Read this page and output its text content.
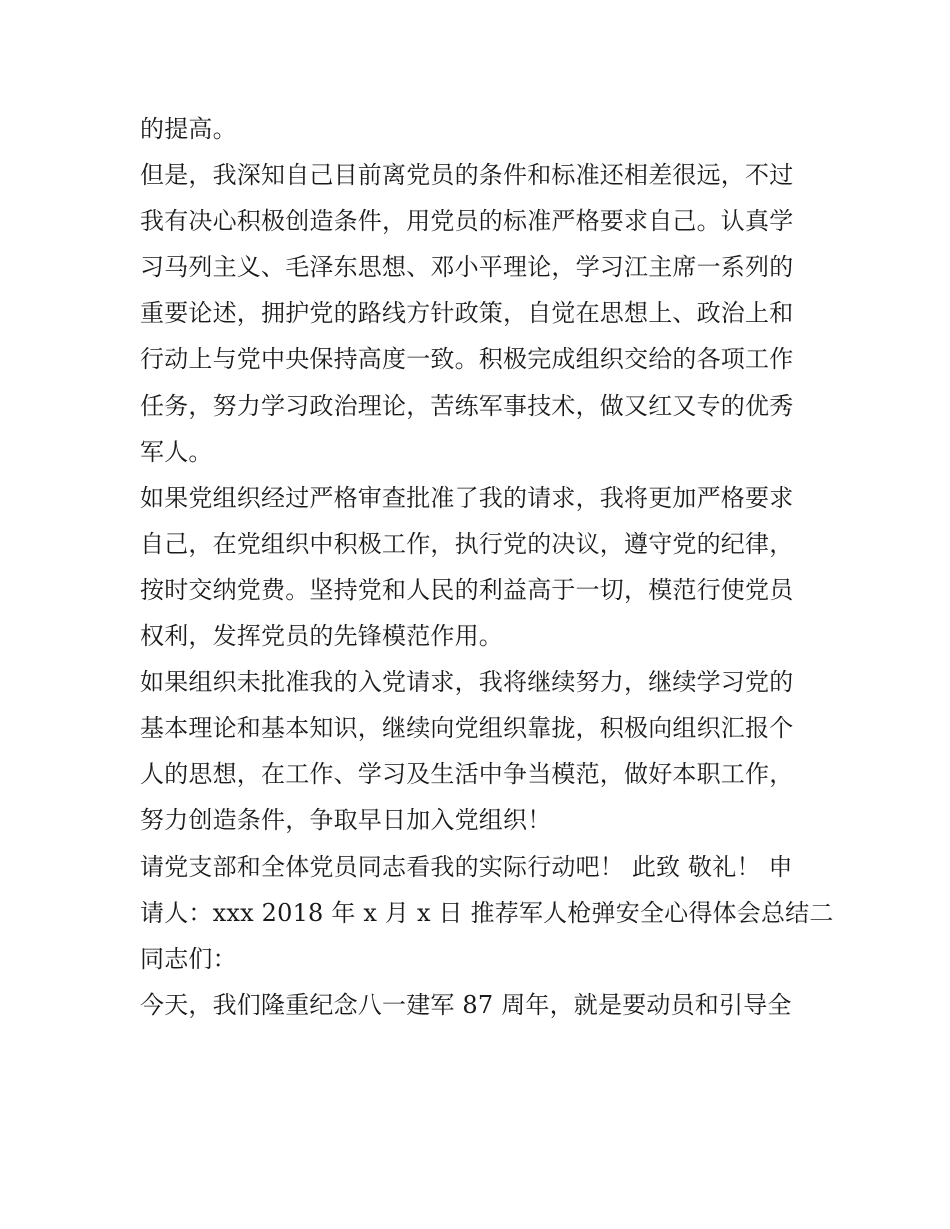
的提高。
但是，我深知自己目前离党员的条件和标准还相差很远，不过
我有决心积极创造条件，用党员的标准严格要求自己。认真学
习马列主义、毛泽东思想、邓小平理论，学习江主席一系列的
重要论述，拥护党的路线方针政策，自觉在思想上、政治上和
行动上与党中央保持高度一致。积极完成组织交给的各项工作
任务，努力学习政治理论，苦练军事技术，做又红又专的优秀
军人。
如果党组织经过严格审查批准了我的请求，我将更加严格要求
自己，在党组织中积极工作，执行党的决议，遵守党的纪律，
按时交纳党费。坚持党和人民的利益高于一切，模范行使党员
权利，发挥党员的先锋模范作用。
如果组织未批准我的入党请求，我将继续努力，继续学习党的
基本理论和基本知识，继续向党组织靠拢，积极向组织汇报个
人的思想，在工作、学习及生活中争当模范，做好本职工作，
努力创造条件，争取早日加入党组织！
请党支部和全体党员同志看我的实际行动吧！ 此致 敬礼！ 申
请人：xxx 2018 年 x 月 x 日 推荐军人枪弹安全心得体会总结二
同志们：
今天，我们隆重纪念八一建军 87 周年，就是要动员和引导全
